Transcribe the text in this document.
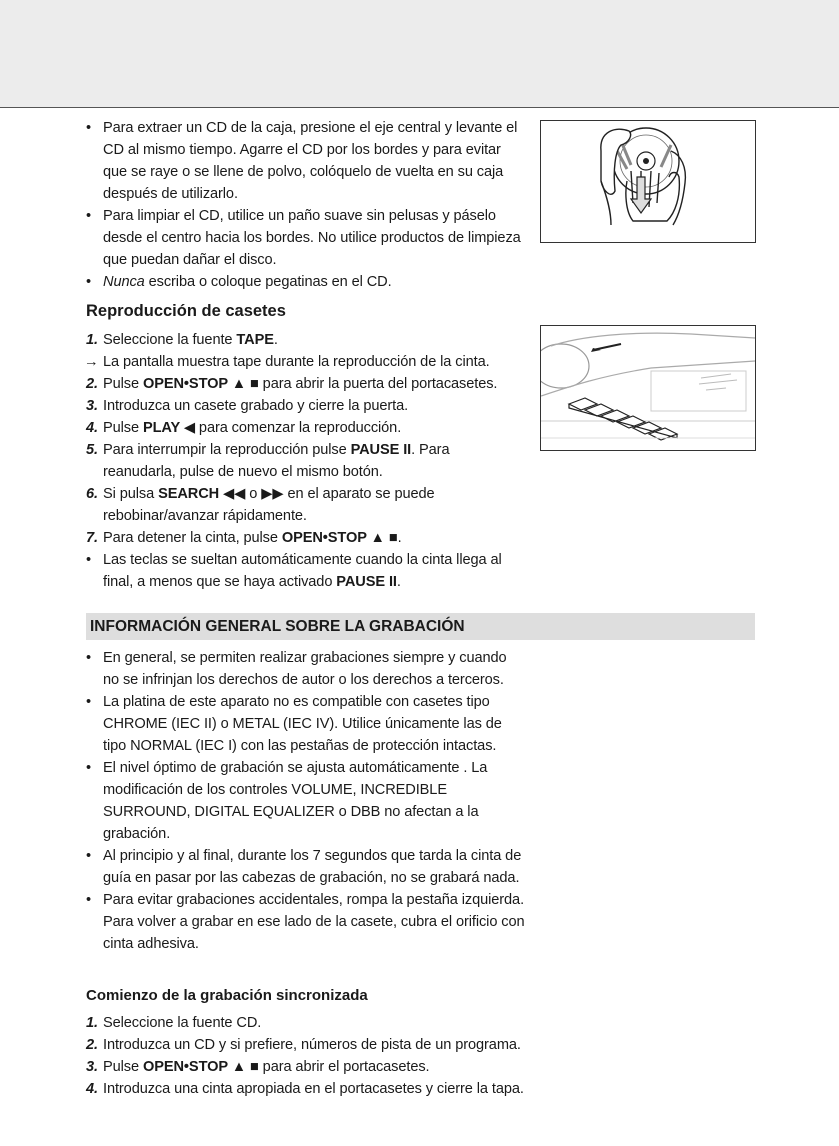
• Para extraer un CD de la caja, presione el eje central y levante el CD al mismo tiempo. Agarre el CD por los bordes y para evitar que se raye o se llene de polvo, colóquelo de vuelta en su caja después de utilizarlo.
• Para limpiar el CD, utilice un paño suave sin pelusas y páselo desde el centro hacia los bordes. No utilice productos de limpieza que puedan dañar el disco.
• Nunca escriba o coloque pegatinas en el CD.
Reproducción de casetes
1. Seleccione la fuente TAPE.
→ La pantalla muestra tape durante la reproducción de la cinta.
2. Pulse OPEN•STOP ▲ ■ para abrir la puerta del portacasetes.
3. Introduzca un casete grabado y cierre la puerta.
4. Pulse PLAY ◀ para comenzar la reproducción.
5. Para interrumpir la reproducción pulse PAUSE II. Para reanudarla, pulse de nuevo el mismo botón.
6. Si pulsa SEARCH ◀◀ o ▶▶ en el aparato se puede rebobinar/avanzar rápidamente.
7. Para detener la cinta, pulse OPEN•STOP ▲ ■.
• Las teclas se sueltan automáticamente cuando la cinta llega al final, a menos que se haya activado PAUSE II.
INFORMACIÓN GENERAL SOBRE LA GRABACIÓN
• En general, se permiten realizar grabaciones siempre y cuando no se infrinjan los derechos de autor o los derechos a terceros.
• La platina de este aparato no es compatible con casetes tipo CHROME (IEC II) o METAL (IEC IV). Utilice únicamente las de tipo NORMAL (IEC I) con las pestañas de protección intactas.
• El nivel óptimo de grabación se ajusta automáticamente . La modificación de los controles VOLUME, INCREDIBLE SURROUND, DIGITAL EQUALIZER o DBB no afectan a la grabación.
• Al principio y al final, durante los 7 segundos que tarda la cinta de guía en pasar por las cabezas de grabación, no se grabará nada.
• Para evitar grabaciones accidentales, rompa la pestaña izquierda. Para volver a grabar en ese lado de la casete, cubra el orificio con cinta adhesiva.
Comienzo de la grabación sincronizada
1. Seleccione la fuente CD.
2. Introduzca un CD y si prefiere, números de pista de un programa.
3. Pulse OPEN•STOP ▲ ■ para abrir el portacasetes.
4. Introduzca una cinta apropiada en el portacasetes y cierre la tapa.
